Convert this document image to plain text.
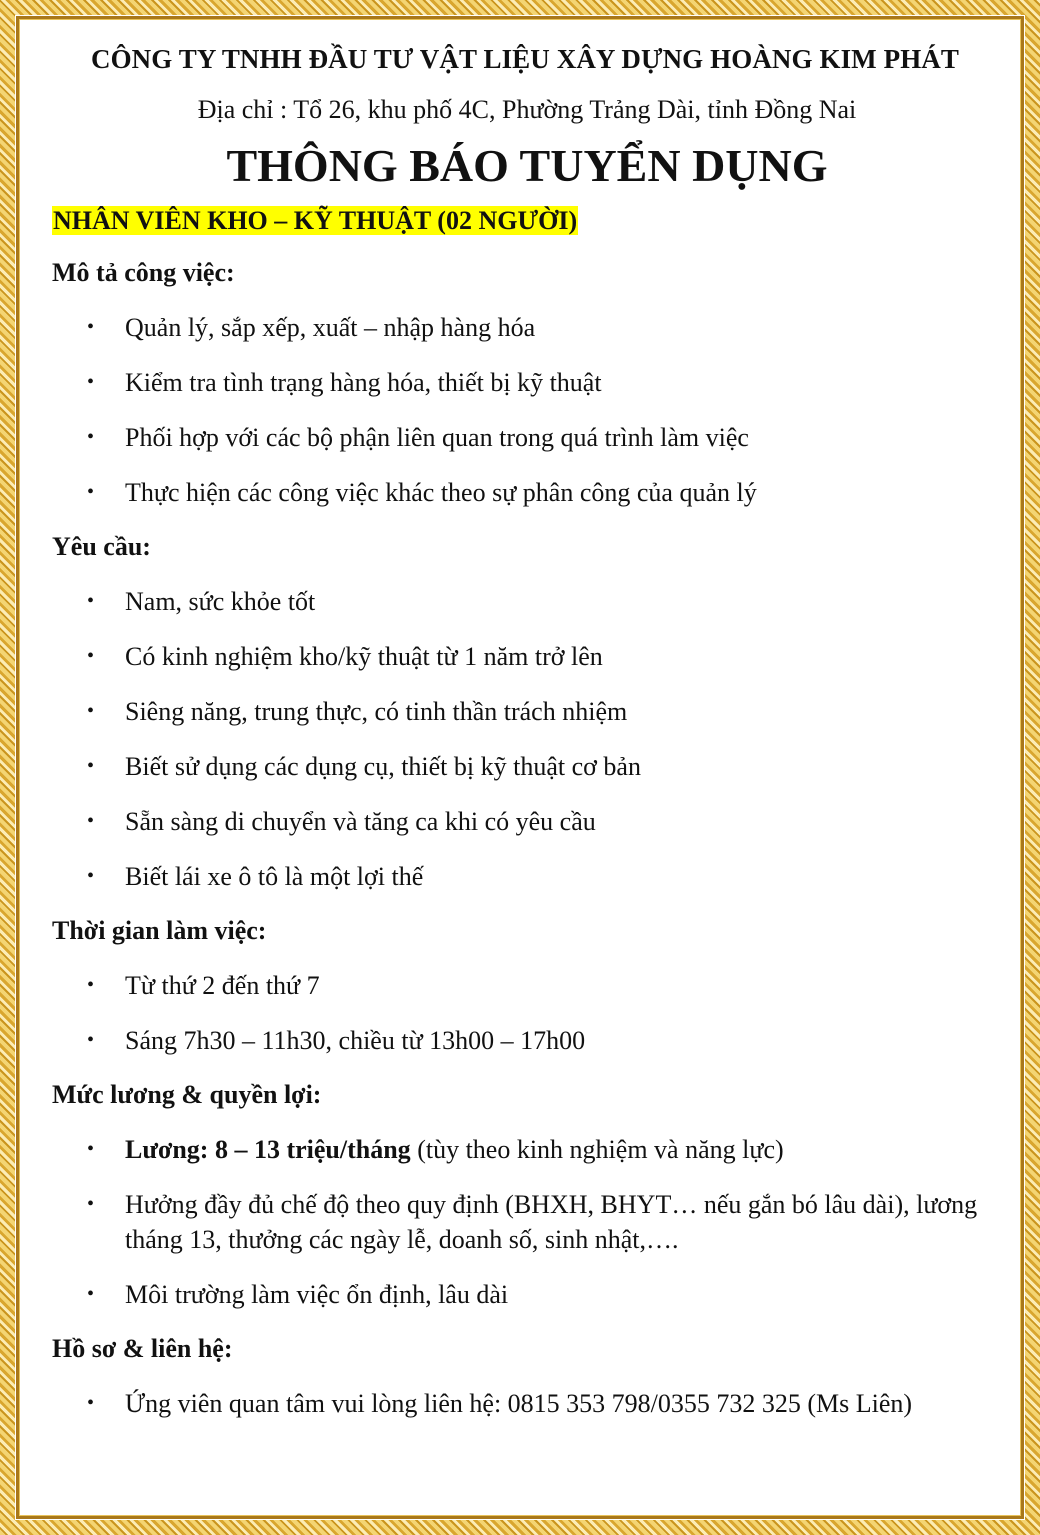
CÔNG TY TNHH ĐẦU TƯ VẬT LIỆU XÂY DỰNG HOÀNG KIM PHÁT
Địa chỉ : Tổ 26, khu phố 4C, Phường Trảng Dài, tỉnh Đồng Nai
THÔNG BÁO TUYỂN DỤNG
NHÂN VIÊN KHO – KỸ THUẬT (02 NGƯỜI)
Mô tả công việc:
• Quản lý, sắp xếp, xuất – nhập hàng hóa
• Kiểm tra tình trạng hàng hóa, thiết bị kỹ thuật
• Phối hợp với các bộ phận liên quan trong quá trình làm việc
• Thực hiện các công việc khác theo sự phân công của quản lý
Yêu cầu:
• Nam, sức khỏe tốt
• Có kinh nghiệm kho/kỹ thuật từ 1 năm trở lên
• Siêng năng, trung thực, có tinh thần trách nhiệm
• Biết sử dụng các dụng cụ, thiết bị kỹ thuật cơ bản
• Sẵn sàng di chuyển và tăng ca khi có yêu cầu
• Biết lái xe ô tô là một lợi thế
Thời gian làm việc:
• Từ thứ 2 đến thứ 7
• Sáng 7h30 – 11h30, chiều từ 13h00 – 17h00
Mức lương & quyền lợi:
• Lương: 8 – 13 triệu/tháng (tùy theo kinh nghiệm và năng lực)
• Hưởng đầy đủ chế độ theo quy định (BHXH, BHYT… nếu gắn bó lâu dài), lương tháng 13, thưởng các ngày lễ, doanh số, sinh nhật,….
• Môi trường làm việc ổn định, lâu dài
Hồ sơ & liên hệ:
• Ứng viên quan tâm vui lòng liên hệ: 0815 353 798/0355 732 325 (Ms Liên)
